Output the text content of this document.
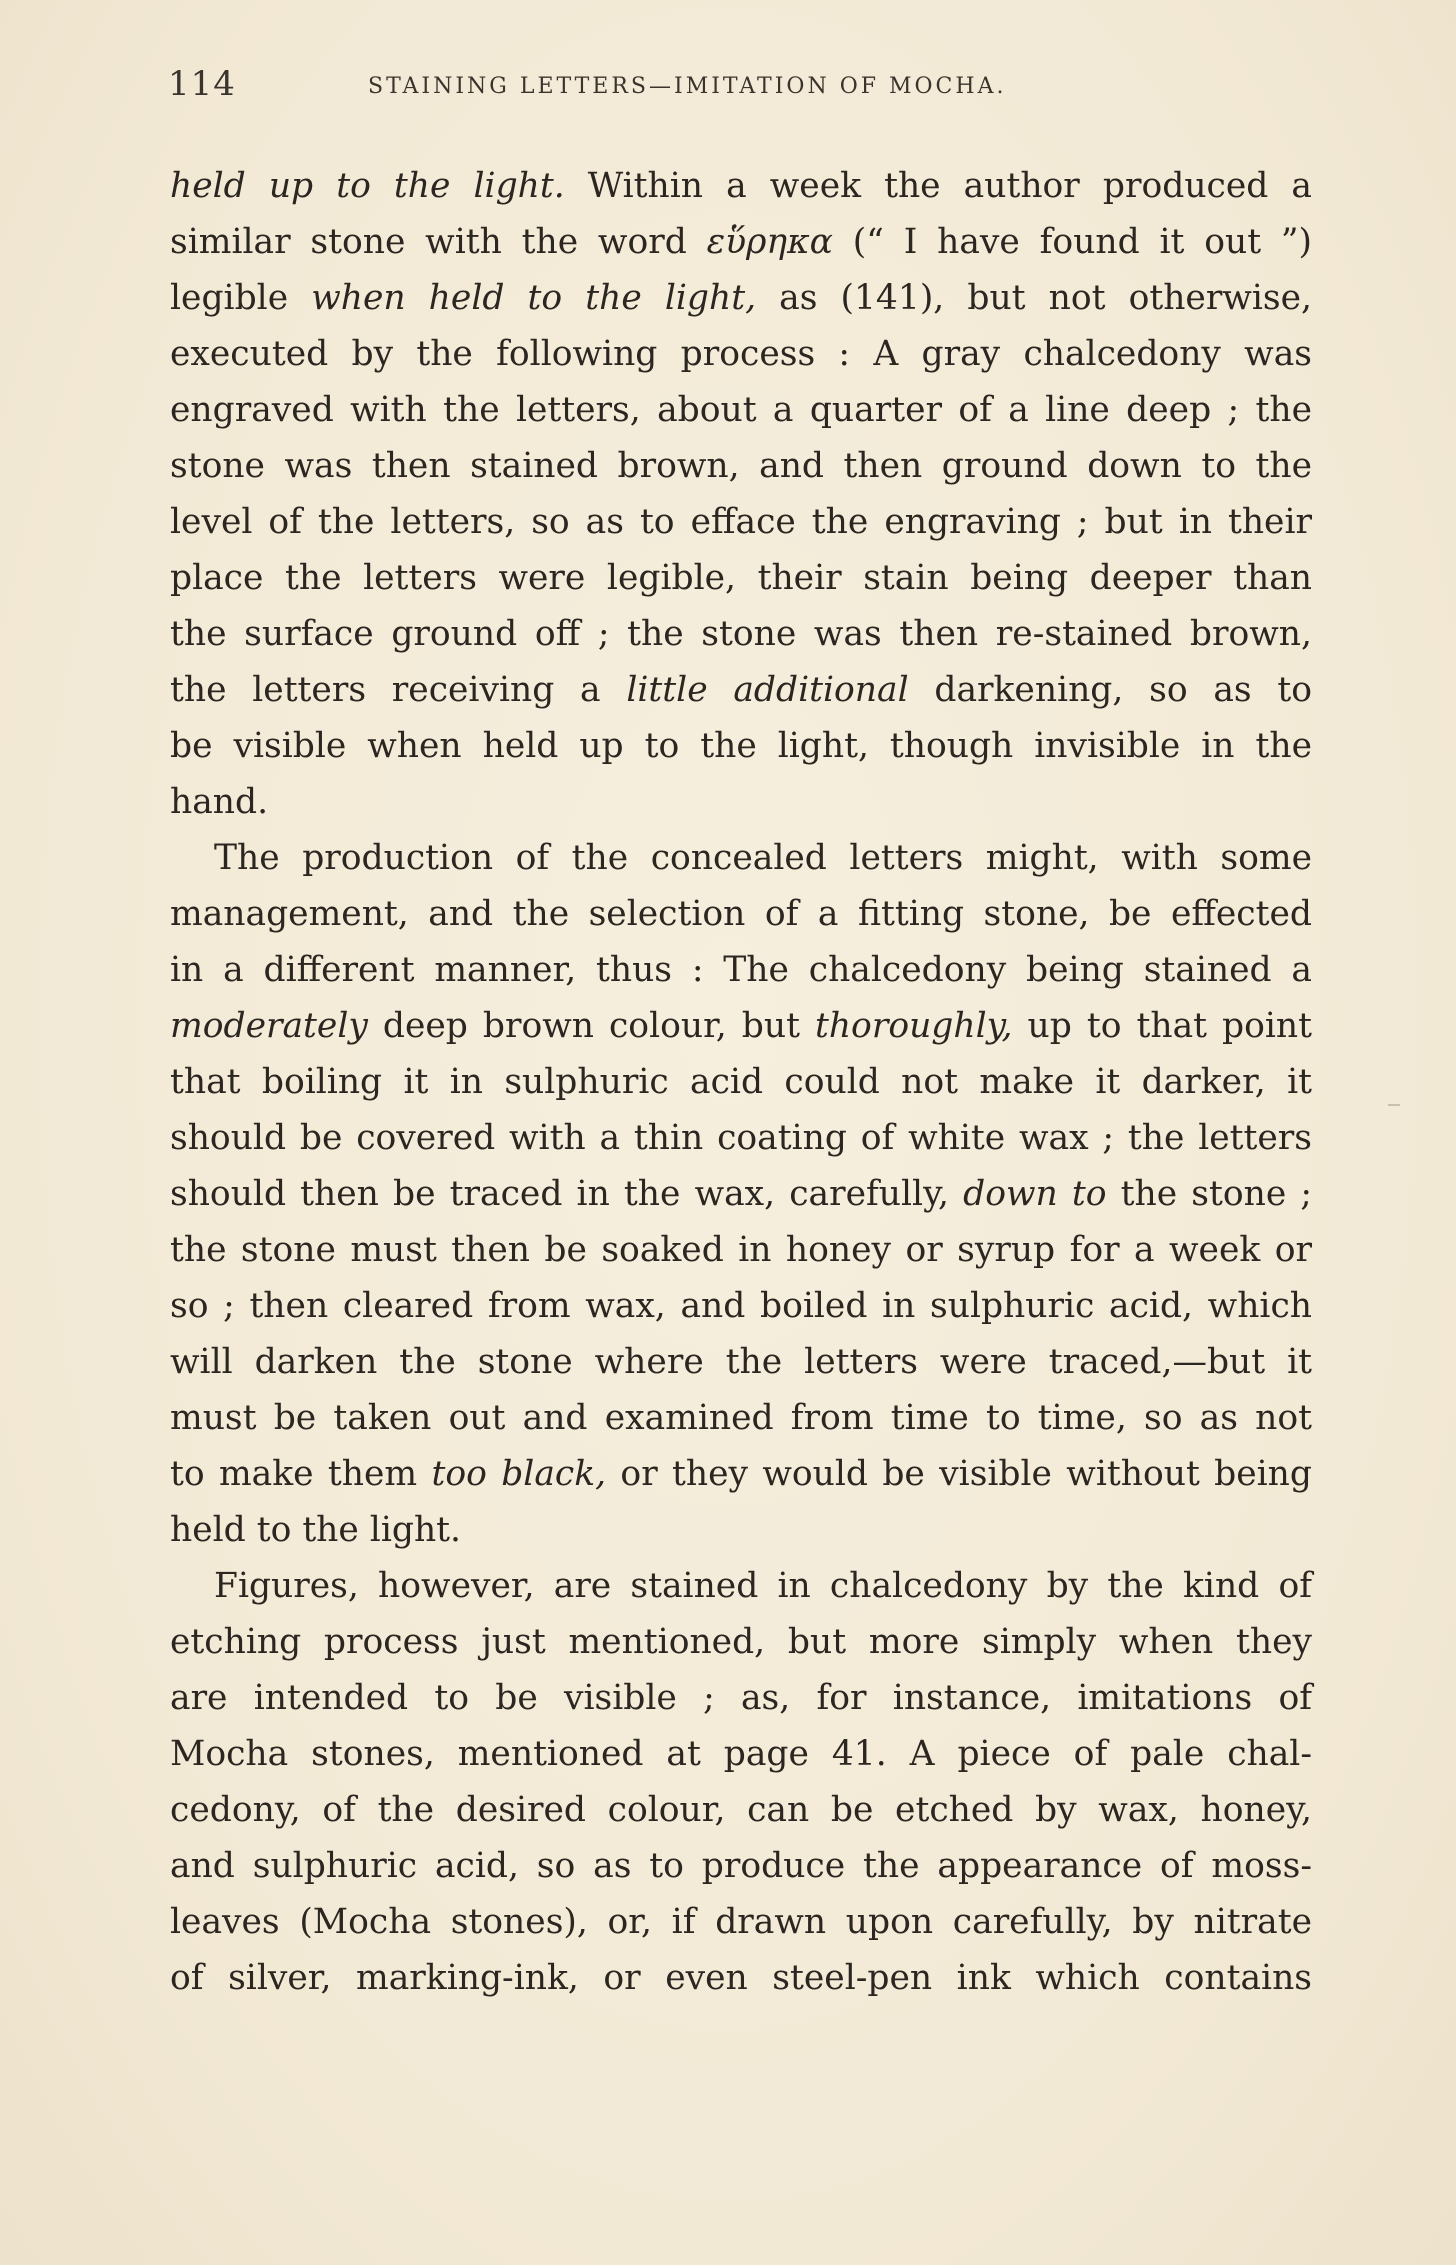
114	STAINING LETTERS—IMITATION OF MOCHA.
held up to the light. Within a week the author produced a
similar stone with the word εὕρηκα (“ I have found it out ”)
legible when held to the light, as (141), but not otherwise,
executed by the following process : A gray chalcedony was
engraved with the letters, about a quarter of a line deep ; the
stone was then stained brown, and then ground down to the
level of the letters, so as to efface the engraving ; but in their
place the letters were legible, their stain being deeper than
the surface ground off ; the stone was then re-stained brown,
the letters receiving a little additional darkening, so as to
be visible when held up to the light, though invisible in the
hand.
The production of the concealed letters might, with some
management, and the selection of a fitting stone, be effected
in a different manner, thus : The chalcedony being stained a
moderately deep brown colour, but thoroughly, up to that point
that boiling it in sulphuric acid could not make it darker, it
should be covered with a thin coating of white wax ; the letters
should then be traced in the wax, carefully, down to the stone ;
the stone must then be soaked in honey or syrup for a week or
so ; then cleared from wax, and boiled in sulphuric acid, which
will darken the stone where the letters were traced,—but it
must be taken out and examined from time to time, so as not
to make them too black, or they would be visible without being
held to the light.
Figures, however, are stained in chalcedony by the kind of
etching process just mentioned, but more simply when they
are intended to be visible ; as, for instance, imitations of
Mocha stones, mentioned at page 41. A piece of pale chal-
cedony, of the desired colour, can be etched by wax, honey,
and sulphuric acid, so as to produce the appearance of moss-
leaves (Mocha stones), or, if drawn upon carefully, by nitrate
of silver, marking-ink, or even steel-pen ink which contains
